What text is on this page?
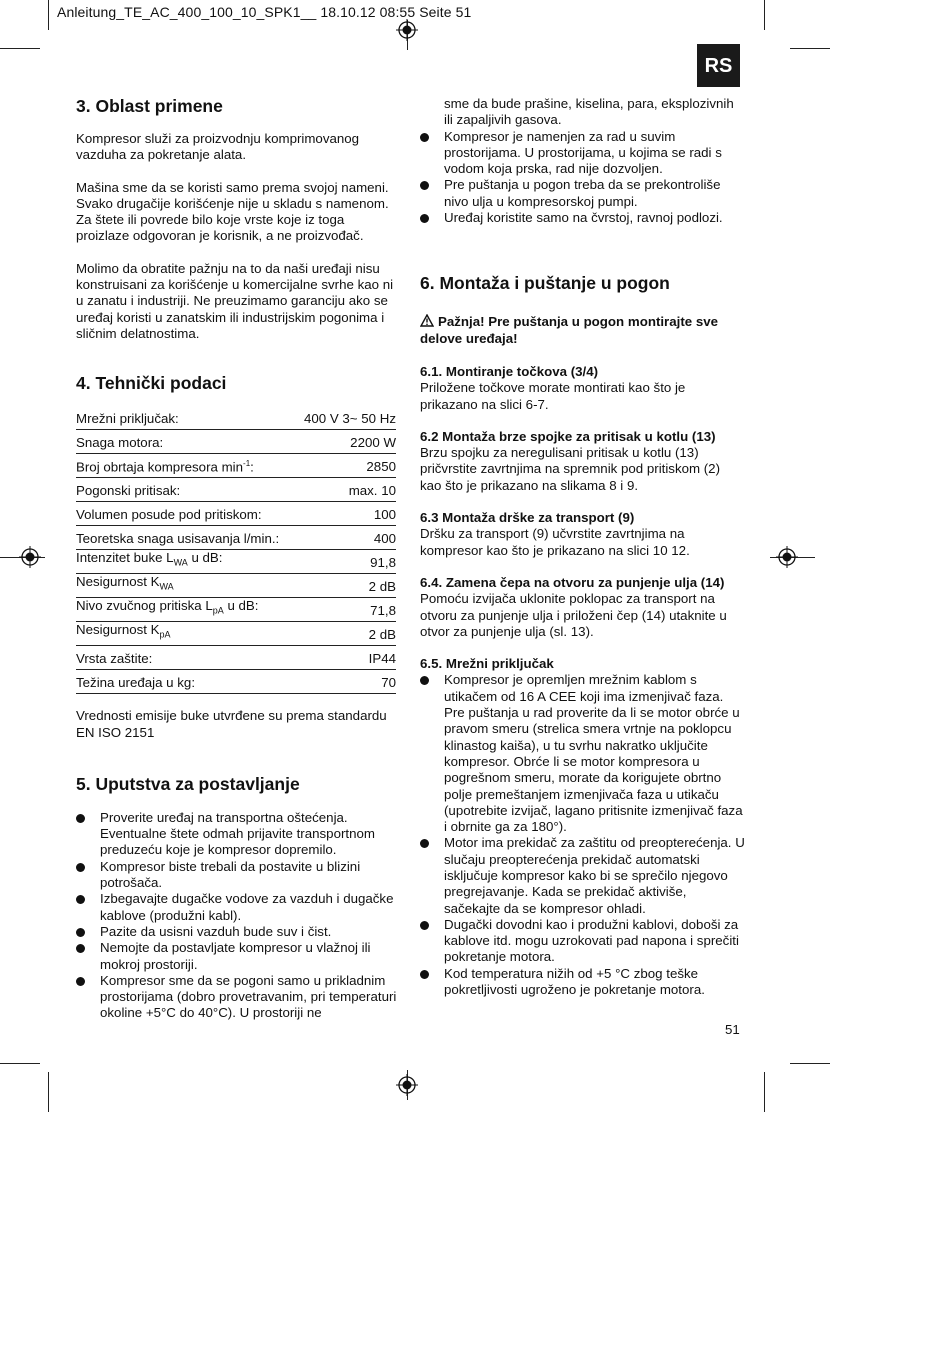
Anleitung_TE_AC_400_100_10_SPK1__ 18.10.12 08:55 Seite 51
RS
3. Oblast primene

Kompresor služi za proizvodnju komprimovanog vazduha za pokretanje alata.

Mašina sme da se koristi samo prema svojoj nameni. Svako drugačije korišćenje nije u skladu s namenom. Za štete ili povrede bilo koje vrste koje iz toga proizlaze odgovoran je korisnik, a ne proizvođač.

Molimo da obratite pažnju na to da naši uređaji nisu konstruisani za korišćenje u komercijalne svrhe kao ni u zanatu i industriji. Ne preuzimamo garanciju ako se uređaj koristi u zanatskim ili industrijskim pogonima i sličnim delatnostima.

4. Tehnički podaci
Mrežni priključak:	400 V 3~ 50 Hz
Snaga motora:	2200 W
Broj obrtaja kompresora $\min^{-1}$:	2850
Pogonski pritisak:	max. 10
Volumen posude pod pritiskom:	100
Teoretska snaga usisavanja l/min.:	400
Intenzitet buke $L_{WA}$ u dB:	91,8
Nesigurnost $K_{WA}$	2 dB
Nivo zvučnog pritiska $L_{pA}$ u dB:	71,8
Nesigurnost $K_{pA}$	2 dB
Vrsta zaštite:	IP44
Težina uređaja u kg:	70

Vrednosti emisije buke utvrđene su prema standardu EN ISO 2151

5. Uputstva za postavljanje
Proverite uređaj na transportna oštećenja. Eventualne štete odmah prijavite transportnom preduzeću koje je kompresor dopremilo.
Kompresor biste trebali da postavite u blizini potrošača.
Izbegavajte dugačke vodove za vazduh i dugačke kablove (produžni kabl).
Pazite da usisni vazduh bude suv i čist.
Nemojte da postavljate kompresor u vlažnoj ili mokroj prostoriji.
Kompresor sme da se pogoni samo u prikladnim prostorijama (dobro provetravanim, pri temperaturi okoline +5°C do 40°C). U prostoriji ne

sme da bude prašine, kiselina, para, eksplozivnih ili zapaljivih gasova.

Kompresor je namenjen za rad u suvim prostorijama. U prostorijama, u kojima se radi s vodom koja prska, rad nije dozvoljen.
Pre puštanja u pogon treba da se prekontroliše nivo ulja u kompresorskoj pumpi.
Uređaj koristite samo na čvrstoj, ravnoj podlozi.
6. Montaža i puštanje u pogon

Pažnja! Pre puštanja u pogon montirajte sve delove uređaja!

6.1. Montiranje točkova (3/4)

Priložene točkove morate montirati kao što je prikazano na slici 6-7.

6.2 Montaža brze spojke za pritisak u kotlu (13)

Brzu spojku za neregulisani pritisak u kotlu (13) pričvrstite zavrtnjima na spremnik pod pritiskom (2) kao što je prikazano na slikama 8 i 9.

6.3 Montaža drške za transport (9)

Dršku za transport (9) učvrstite zavrtnjima na kompresor kao što je prikazano na slici 10 12.

6.4. Zamena čepa na otvoru za punjenje ulja (14)

Pomoću izvijača uklonite poklopac za transport na otvoru za punjenje ulja i priloženi čep (14) utaknite u otvor za punjenje ulja (sl. 13).

6.5. Mrežni priključak

Kompresor je opremljen mrežnim kablom s utikačem od 16 A CEE koji ima izmenjivač faza. Pre puštanja u rad proverite da li se motor obrće u pravom smeru (strelica smera vrtnje na poklopcu klinastog kaiša), u tu svrhu nakratko uključite kompresor. Obrće li se motor kompresora u pogrešnom smeru, morate da korigujete obrtno polje premeštanjem izmenjivača faza u utikaču (upotrebite izvijač, lagano pritisnite izmenjivač faza i obrnite ga za 180°).
Motor ima prekidač za zaštitu od preopterećenja. U slučaju preopterećenja prekidač automatski isključuje kompresor kako bi se sprečilo njegovo pregrejavanje. Kada se prekidač aktiviše, sačekajte da se kompresor ohladi.
Dugački dovodni kao i produžni kablovi, doboši za kablove itd. mogu uzrokovati pad napona i sprečiti pokretanje motora.
Kod temperatura nižih od +5 °C zbog teške pokretljivosti ugroženo je pokretanje motora.
51
